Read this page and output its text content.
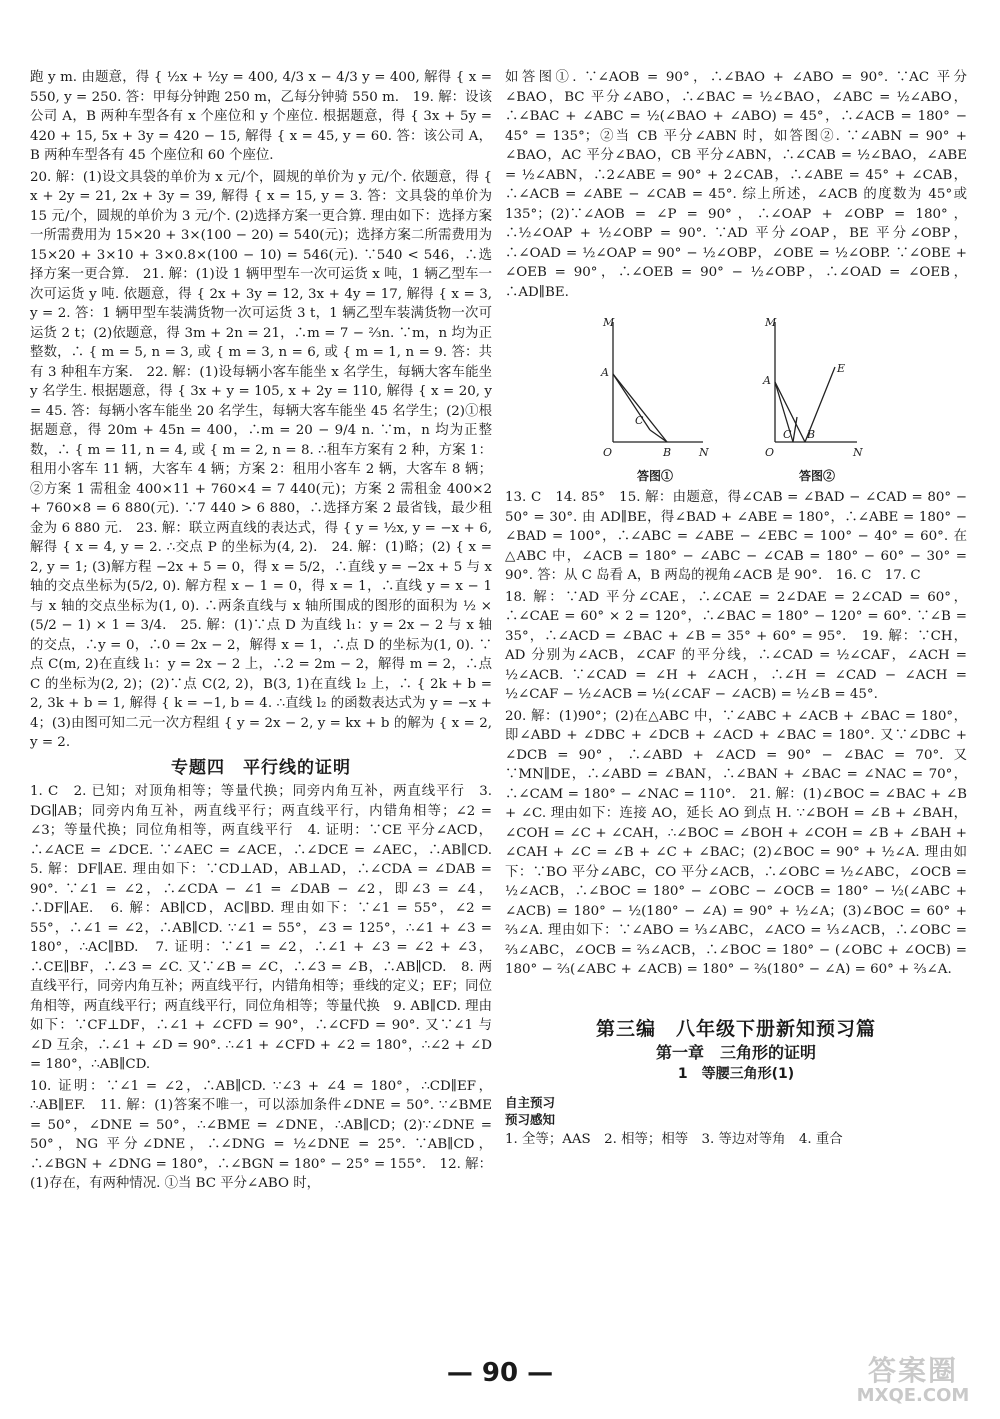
跑 y m. 由题意，得 { ½x + ½y = 400, 4/3 x − 4/3 y = 400, 解得 { x = 550, y = 250. 答：甲每分钟跑 250 m，乙每分钟骑 550 m.　19. 解：设该公司 A，B 两种车型各有 x 个座位和 y 个座位. 根据题意，得 { 3x + 5y = 420 + 15, 5x + 3y = 420 − 15, 解得 { x = 45, y = 60. 答：该公司 A，B 两种车型各有 45 个座位和 60 个座位.

20. 解：(1)设文具袋的单价为 x 元/个，圆规的单价为 y 元/个. 依题意，得 { x + 2y = 21, 2x + 3y = 39, 解得 { x = 15, y = 3. 答：文具袋的单价为 15 元/个，圆规的单价为 3 元/个. (2)选择方案一更合算. 理由如下：选择方案一所需费用为 15×20 + 3×(100 − 20) = 540(元)；选择方案二所需费用为 15×20 + 3×10 + 3×0.8×(100 − 10) = 546(元). ∵540 < 546，∴选择方案一更合算.　21. 解：(1)设 1 辆甲型车一次可运货 x 吨，1 辆乙型车一次可运货 y 吨. 依题意，得 { 2x + 3y = 12, 3x + 4y = 17, 解得 { x = 3, y = 2. 答：1 辆甲型车装满货物一次可运货 3 t，1 辆乙型车装满货物一次可运货 2 t；(2)依题意，得 3m + 2n = 21，∴m = 7 − ⅔n. ∵m，n 均为正整数，∴ { m = 5, n = 3, 或 { m = 3, n = 6, 或 { m = 1, n = 9. 答：共有 3 种租车方案.　22. 解：(1)设每辆小客车能坐 x 名学生，每辆大客车能坐 y 名学生. 根据题意，得 { 3x + y = 105, x + 2y = 110, 解得 { x = 20, y = 45. 答：每辆小客车能坐 20 名学生，每辆大客车能坐 45 名学生；(2)①根据题意，得 20m + 45n = 400，∴m = 20 − 9/4 n. ∵m，n 均为正整数，∴ { m = 11, n = 4, 或 { m = 2, n = 8. ∴租车方案有 2 种，方案 1：租用小客车 11 辆，大客车 4 辆；方案 2：租用小客车 2 辆，大客车 8 辆；②方案 1 需租金 400×11 + 760×4 = 7 440(元)；方案 2 需租金 400×2 + 760×8 = 6 880(元). ∵7 440 > 6 880，∴选择方案 2 最省钱，最少租金为 6 880 元.　23. 解：联立两直线的表达式，得 { y = ½x, y = −x + 6, 解得 { x = 4, y = 2. ∴交点 P 的坐标为(4, 2).　24. 解：(1)略；(2) { x = 2, y = 1; (3)解方程 −2x + 5 = 0，得 x = 5/2，∴直线 y = −2x + 5 与 x 轴的交点坐标为(5/2, 0). 解方程 x − 1 = 0，得 x = 1，∴直线 y = x − 1 与 x 轴的交点坐标为(1, 0). ∴两条直线与 x 轴所围成的图形的面积为 ½ × (5/2 − 1) × 1 = 3/4.　25. 解：(1)∵点 D 为直线 l₁：y = 2x − 2 与 x 轴的交点，∴y = 0，∴0 = 2x − 2，解得 x = 1，∴点 D 的坐标为(1, 0). ∵点 C(m, 2)在直线 l₁：y = 2x − 2 上，∴2 = 2m − 2，解得 m = 2，∴点 C 的坐标为(2, 2)；(2)∵点 C(2, 2)，B(3, 1)在直线 l₂ 上，∴ { 2k + b = 2, 3k + b = 1, 解得 { k = −1, b = 4. ∴直线 l₂ 的函数表达式为 y = −x + 4；(3)由图可知二元一次方程组 { y = 2x − 2, y = kx + b 的解为 { x = 2, y = 2.

专题四　平行线的证明

1. C　2. 已知；对顶角相等；等量代换；同旁内角互补，两直线平行　3. DG∥AB；同旁内角互补，两直线平行；两直线平行，内错角相等；∠2 = ∠3；等量代换；同位角相等，两直线平行　4. 证明：∵CE 平分∠ACD，∴∠ACE = ∠DCE. ∵∠AEC = ∠ACE，∴∠DCE = ∠AEC，∴AB∥CD.　5. 解：DF∥AE. 理由如下：∵CD⊥AD，AB⊥AD，∴∠CDA = ∠DAB = 90°. ∵∠1 = ∠2，∴∠CDA − ∠1 = ∠DAB − ∠2，即∠3 = ∠4，∴DF∥AE.　6. 解：AB∥CD，AC∥BD. 理由如下：∵∠1 = 55°，∠2 = 55°，∴∠1 = ∠2，∴AB∥CD. ∵∠1 = 55°，∠3 = 125°，∴∠1 + ∠3 = 180°，∴AC∥BD.　7. 证明：∵∠1 = ∠2，∴∠1 + ∠3 = ∠2 + ∠3，∴CE∥BF，∴∠3 = ∠C. 又∵∠B = ∠C，∴∠3 = ∠B，∴AB∥CD.　8. 两直线平行，同旁内角互补；两直线平行，内错角相等；垂线的定义；EF；同位角相等，两直线平行；两直线平行，同位角相等；等量代换　9. AB∥CD. 理由如下：∵CF⊥DF，∴∠1 + ∠CFD = 90°，∴∠CFD = 90°. 又∵∠1 与∠D 互余，∴∠1 + ∠D = 90°. ∴∠1 + ∠CFD + ∠2 = 180°，∴∠2 + ∠D = 180°，∴AB∥CD.

10. 证明：∵∠1 = ∠2，∴AB∥CD. ∵∠3 + ∠4 = 180°，∴CD∥EF，∴AB∥EF.　11. 解：(1)答案不唯一，可以添加条件∠DNE = 50°. ∵∠BME = 50°，∠DNE = 50°，∴∠BME = ∠DNE，∴AB∥CD；(2)∵∠DNE = 50°，NG 平分∠DNE，∴∠DNG = ½∠DNE = 25°. ∵AB∥CD，∴∠BGN + ∠DNG = 180°，∴∠BGN = 180° − 25° = 155°.　12. 解：(1)存在，有两种情况. ①当 BC 平分∠ABO 时，

如答图①. ∵∠AOB = 90°，∴∠BAO + ∠ABO = 90°. ∵AC 平分∠BAO，BC 平分∠ABO，∴∠BAC = ½∠BAO，∠ABC = ½∠ABO，∴∠BAC + ∠ABC = ½(∠BAO + ∠ABO) = 45°，∴∠ACB = 180° − 45° = 135°；②当 CB 平分∠ABN 时，如答图②. ∵∠ABN = 90° + ∠BAO，AC 平分∠BAO，CB 平分∠ABN，∴∠CAB = ½∠BAO，∠ABE = ½∠ABN，∴2∠ABE = 90° + 2∠CAB，∴∠ABE = 45° + ∠CAB，∴∠ACB = ∠ABE − ∠CAB = 45°. 综上所述，∠ACB 的度数为 45°或 135°；(2)∵∠AOB = ∠P = 90°，∴∠OAP + ∠OBP = 180°，∴½∠OAP + ½∠OBP = 90°. ∵AD 平分∠OAP，BE 平分∠OBP，∴∠OAD = ½∠OAP = 90° − ½∠OBP，∠OBE = ½∠OBP. ∵∠OBE + ∠OEB = 90°，∴∠OEB = 90° − ½∠OBP，∴∠OAD = ∠OEB，∴AD∥BE.

M
A
C
O	B	N
答图①
M
A
C
E
O
B
N
答图②

13. C　14. 85°　15. 解：由题意，得∠CAB = ∠BAD − ∠CAD = 80° − 50° = 30°. 由 AD∥BE，得∠BAD + ∠ABE = 180°，∴∠ABE = 180° − ∠BAD = 100°，∴∠ABC = ∠ABE − ∠EBC = 100° − 40° = 60°. 在△ABC 中，∠ACB = 180° − ∠ABC − ∠CAB = 180° − 60° − 30° = 90°. 答：从 C 岛看 A，B 两岛的视角∠ACB 是 90°.　16. C　17. C

18. 解：∵AD 平分∠CAE，∴∠CAE = 2∠DAE = 2∠CAD = 60°，∴∠CAE = 60° × 2 = 120°，∴∠BAC = 180° − 120° = 60°. ∵∠B = 35°，∴∠ACD = ∠BAC + ∠B = 35° + 60° = 95°.　19. 解：∵CH，AD 分别为∠ACB，∠CAF 的平分线，∴∠CAD = ½∠CAF，∠ACH = ½∠ACB. ∵∠CAD = ∠H + ∠ACH，∴∠H = ∠CAD − ∠ACH = ½∠CAF − ½∠ACB = ½(∠CAF − ∠ACB) = ½∠B = 45°.

20. 解：(1)90°；(2)在△ABC 中，∵∠ABC + ∠ACB + ∠BAC = 180°，即∠ABD + ∠DBC + ∠DCB + ∠ACD + ∠BAC = 180°. 又∵∠DBC + ∠DCB = 90°，∴∠ABD + ∠ACD = 90° − ∠BAC = 70°. 又∵MN∥DE，∴∠ABD = ∠BAN，∴∠BAN + ∠BAC = ∠NAC = 70°，∴∠CAM = 180° − ∠NAC = 110°.　21. 解：(1)∠BOC = ∠BAC + ∠B + ∠C. 理由如下：连接 AO，延长 AO 到点 H. ∵∠BOH = ∠B + ∠BAH，∠COH = ∠C + ∠CAH，∴∠BOC = ∠BOH + ∠COH = ∠B + ∠BAH + ∠CAH + ∠C = ∠B + ∠C + ∠BAC；(2)∠BOC = 90° + ½∠A. 理由如下：∵BO 平分∠ABC，CO 平分∠ACB，∴∠OBC = ½∠ABC，∠OCB = ½∠ACB，∴∠BOC = 180° − ∠OBC − ∠OCB = 180° − ½(∠ABC + ∠ACB) = 180° − ½(180° − ∠A) = 90° + ½∠A；(3)∠BOC = 60° + ⅔∠A. 理由如下：∵∠ABO = ⅓∠ABC，∠ACO = ⅓∠ACB，∴∠OBC = ⅔∠ABC，∠OCB = ⅔∠ACB，∴∠BOC = 180° − (∠OBC + ∠OCB) = 180° − ⅔(∠ABC + ∠ACB) = 180° − ⅔(180° − ∠A) = 60° + ⅔∠A.

第三编　八年级下册新知预习篇
第一章　三角形的证明
1　等腰三角形(1)
自主预习
预习感知
1. 全等；AAS　2. 相等；相等　3. 等边对等角　4. 重合
— 90 —	答案圈
MXQE.COM
